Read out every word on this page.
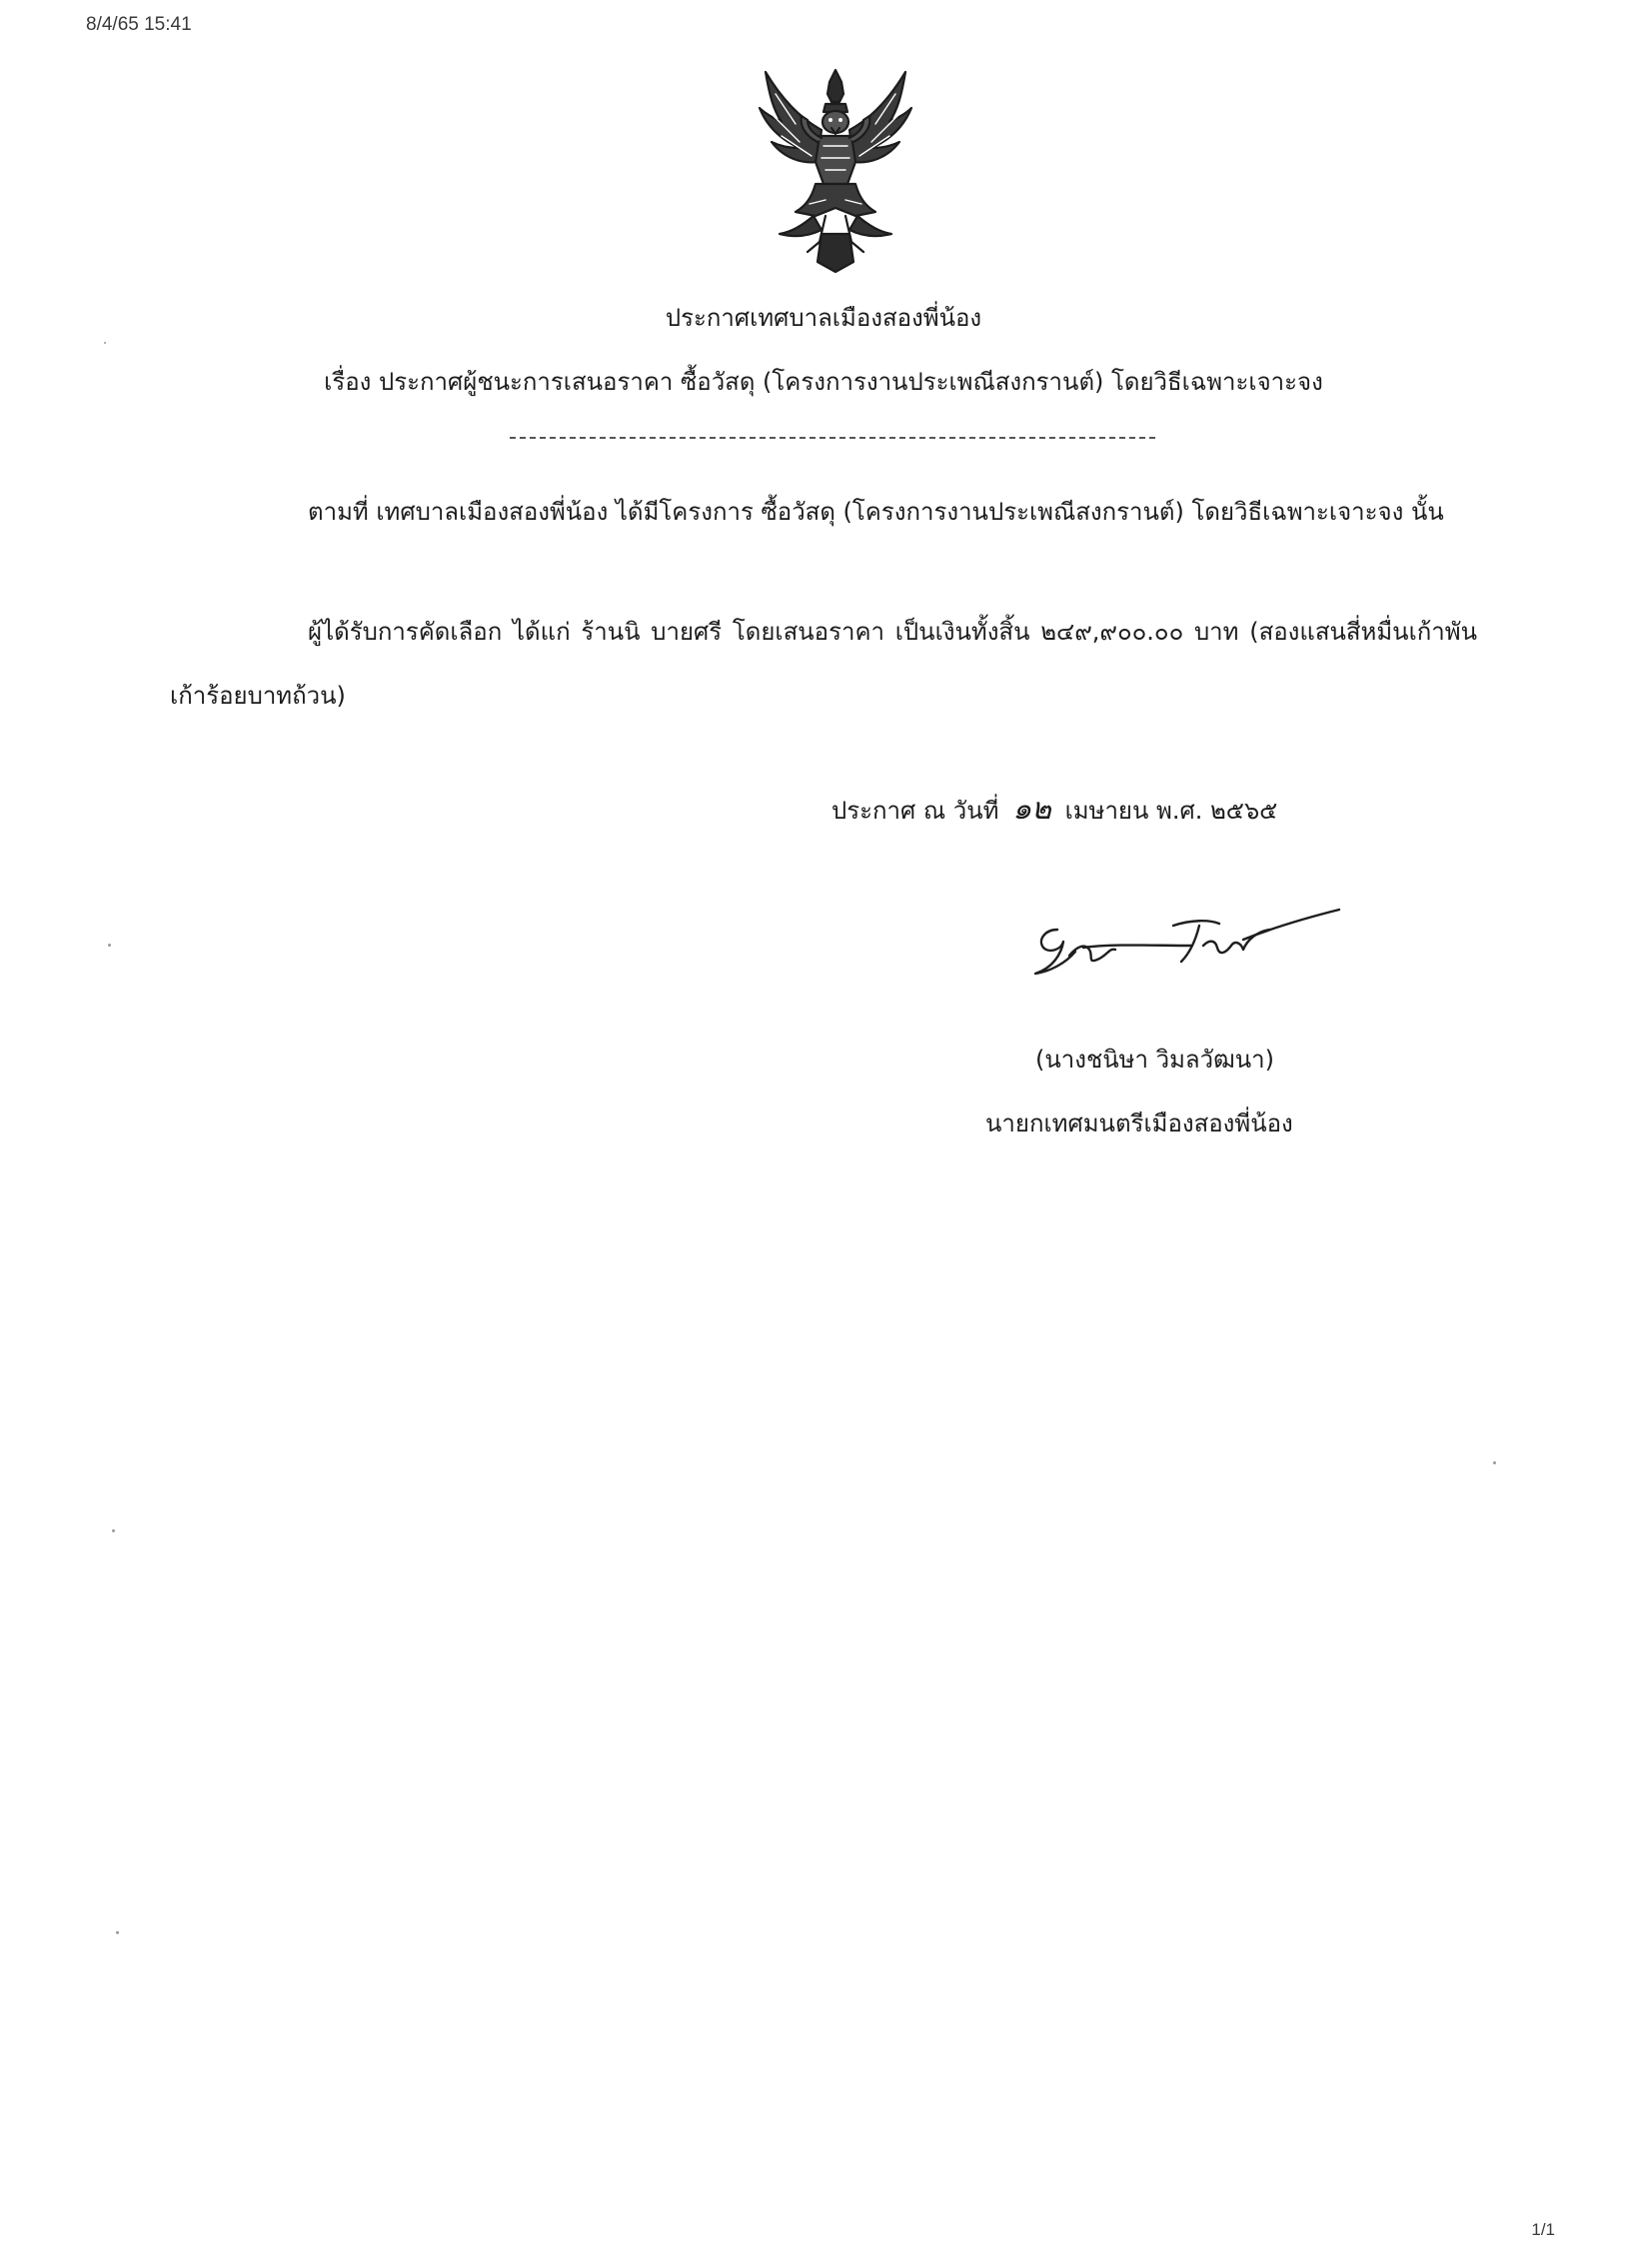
8/4/65 15:41
ประกาศเทศบาลเมืองสองพี่น้อง
เรื่อง ประกาศผู้ชนะการเสนอราคา ซื้อวัสดุ (โครงการงานประเพณีสงกรานต์) โดยวิธีเฉพาะเจาะจง

ตามที่ เทศบาลเมืองสองพี่น้อง ได้มีโครงการ ซื้อวัสดุ (โครงการงานประเพณีสงกรานต์) โดยวิธีเฉพาะเจาะจง นั้น

ผู้ได้รับการคัดเลือก ได้แก่ ร้านนิ บายศรี โดยเสนอราคา เป็นเงินทั้งสิ้น ๒๔๙,๙๐๐.๐๐ บาท (สองแสนสี่หมื่นเก้าพันเก้าร้อยบาทถ้วน)

ประกาศ ณ วันที่ ๑๒ เมษายน พ.ศ. ๒๕๖๕
(นางชนิษา วิมลวัฒนา)
นายกเทศมนตรีเมืองสองพี่น้อง
1/1
